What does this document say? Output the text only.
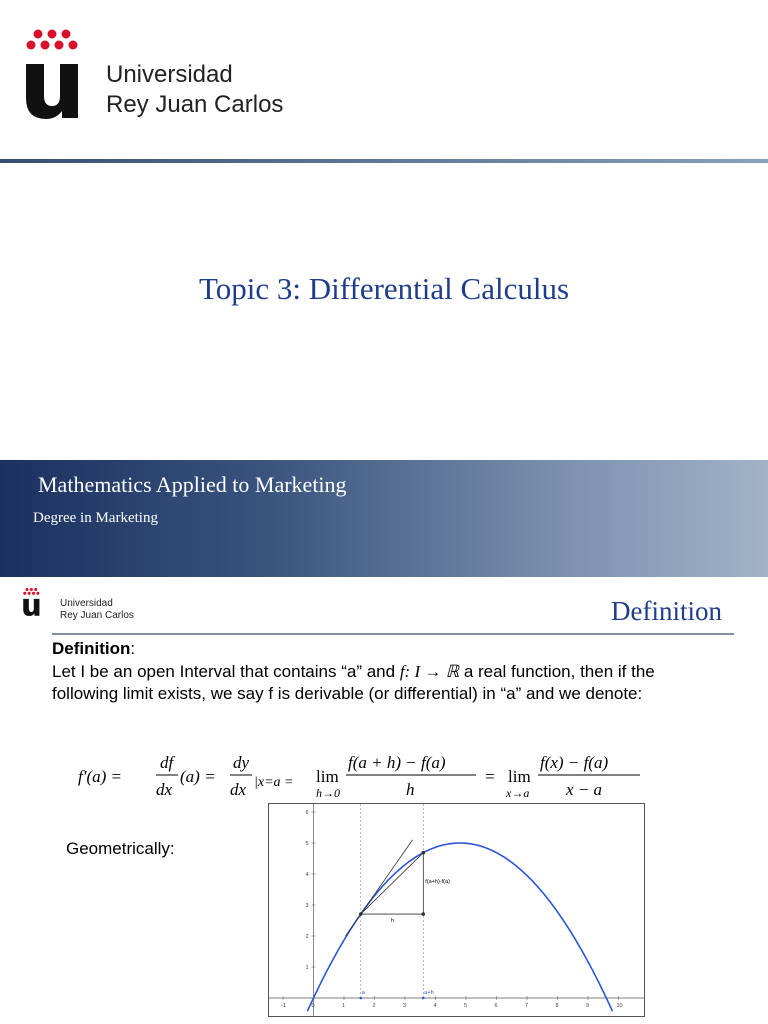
Universidad
Rey Juan Carlos
Topic 3: Differential Calculus
Mathematics Applied to Marketing
Degree in Marketing
Universidad
Rey Juan Carlos	Definition
Definition:
Let I be an open Interval that contains “a” and f: I → ℝ a real function, then if the following limit exists, we say f is derivable (or differential) in “a” and we denote:
f′(a) =
df
dx
(a) =
dy
dx |x=a = lim
h→0
f(a + h) − f(a)
h
= lim
x→a
f(x) − f(a)
x − a
Geometrically:
-1	0	1	2	3	4	5	6	7	8	9	10
1
2
3
4
5
6
f(a+h)-f(a)
h
a	a+h
